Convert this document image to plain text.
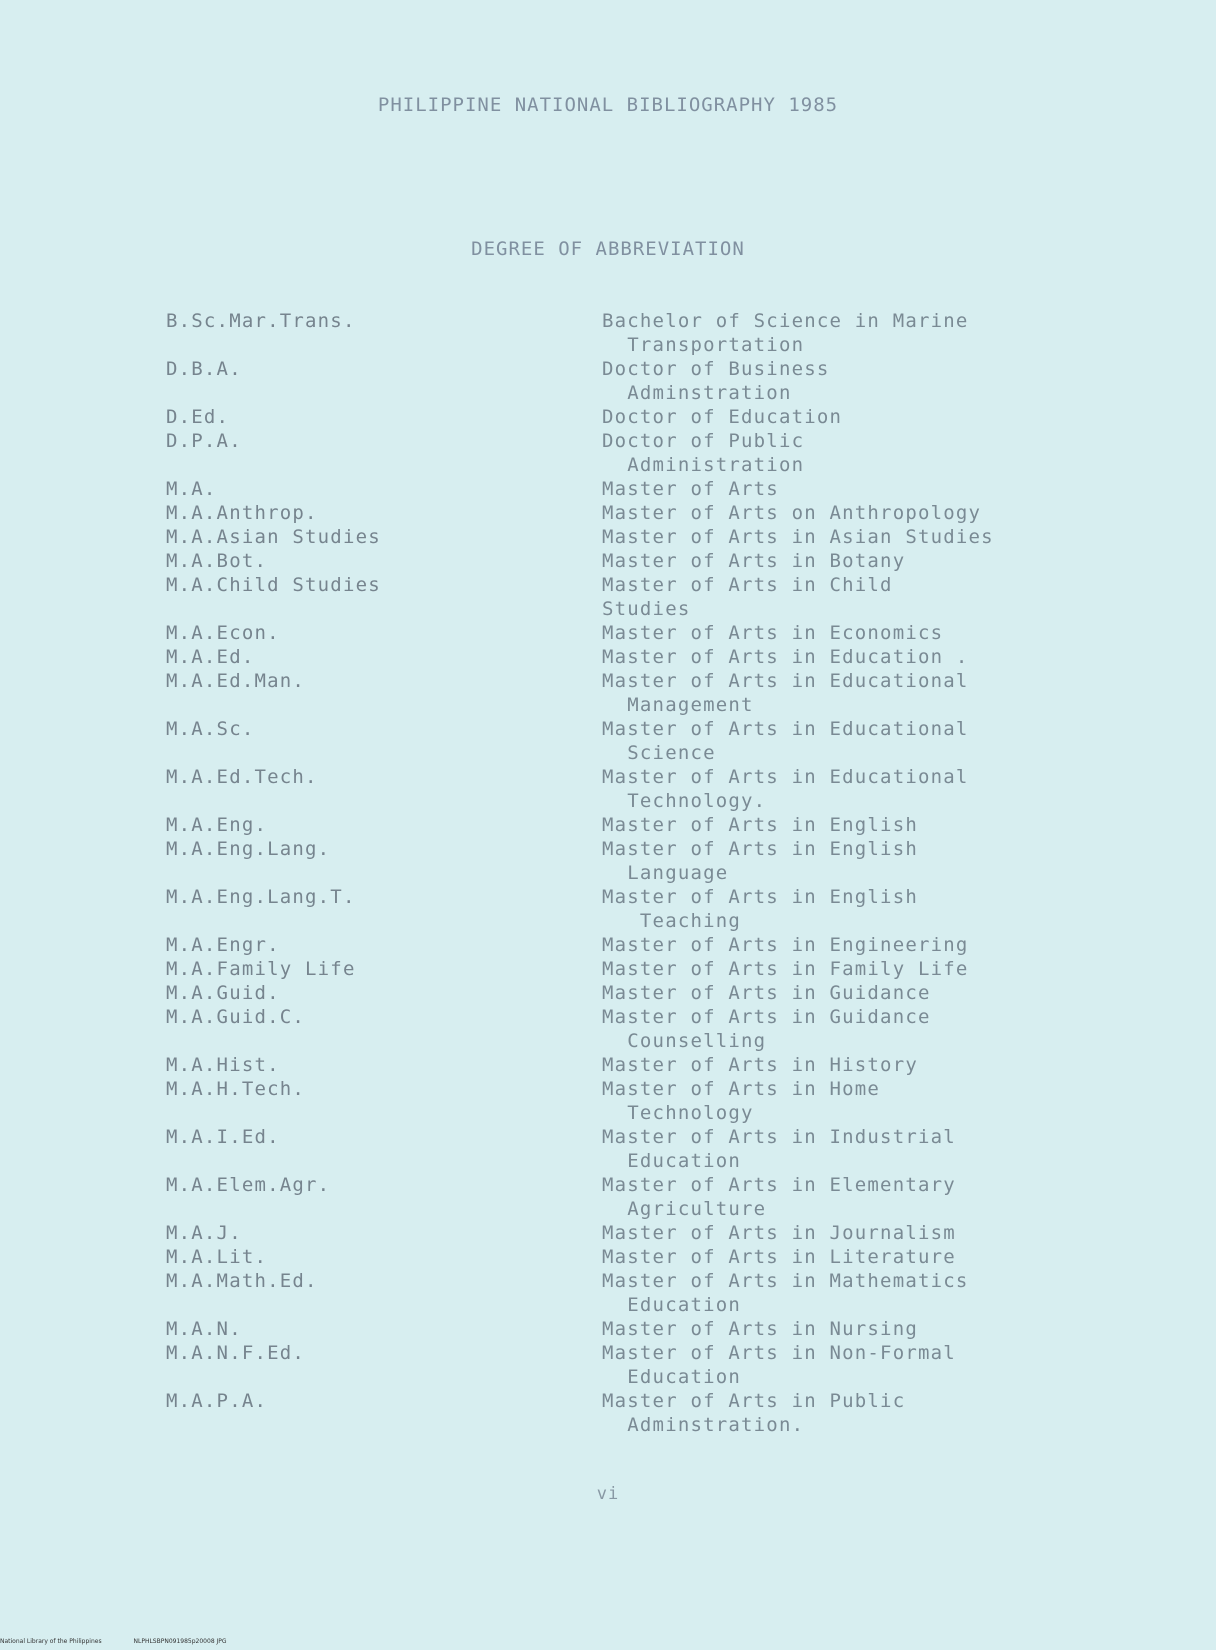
PHILIPPINE NATIONAL BIBLIOGRAPHY 1985
DEGREE OF ABBREVIATION
B.Sc.Mar.Trans.	Bachelor of Science in Marine
Transportation
D.B.A.	Doctor of Business
Adminstration
D.Ed.	Doctor of Education
D.P.A.	Doctor of Public
Administration
M.A.	Master of Arts
M.A.Anthrop.	Master of Arts on Anthropology
M.A.Asian Studies	Master of Arts in Asian Studies
M.A.Bot.	Master of Arts in Botany
M.A.Child Studies	Master of Arts in Child
Studies
M.A.Econ.	Master of Arts in Economics
M.A.Ed.	Master of Arts in Education .
M.A.Ed.Man.	Master of Arts in Educational
Management
M.A.Sc.	Master of Arts in Educational
Science
M.A.Ed.Tech.	Master of Arts in Educational
Technology.
M.A.Eng.	Master of Arts in English
M.A.Eng.Lang.	Master of Arts in English
Language
M.A.Eng.Lang.T.	Master of Arts in English
Teaching
M.A.Engr.	Master of Arts in Engineering
M.A.Family Life	Master of Arts in Family Life
M.A.Guid.	Master of Arts in Guidance
M.A.Guid.C.	Master of Arts in Guidance
Counselling
M.A.Hist.	Master of Arts in History
M.A.H.Tech.	Master of Arts in Home
Technology
M.A.I.Ed.	Master of Arts in Industrial
Education
M.A.Elem.Agr.	Master of Arts in Elementary
Agriculture
M.A.J.	Master of Arts in Journalism
M.A.Lit.	Master of Arts in Literature
M.A.Math.Ed.	Master of Arts in Mathematics
Education
M.A.N.	Master of Arts in Nursing
M.A.N.F.Ed.	Master of Arts in Non-Formal
Education
M.A.P.A.	Master of Arts in Public
Adminstration.
vi
National Library of the Philippines	NLPHLSBPN091985p20008 JPG
